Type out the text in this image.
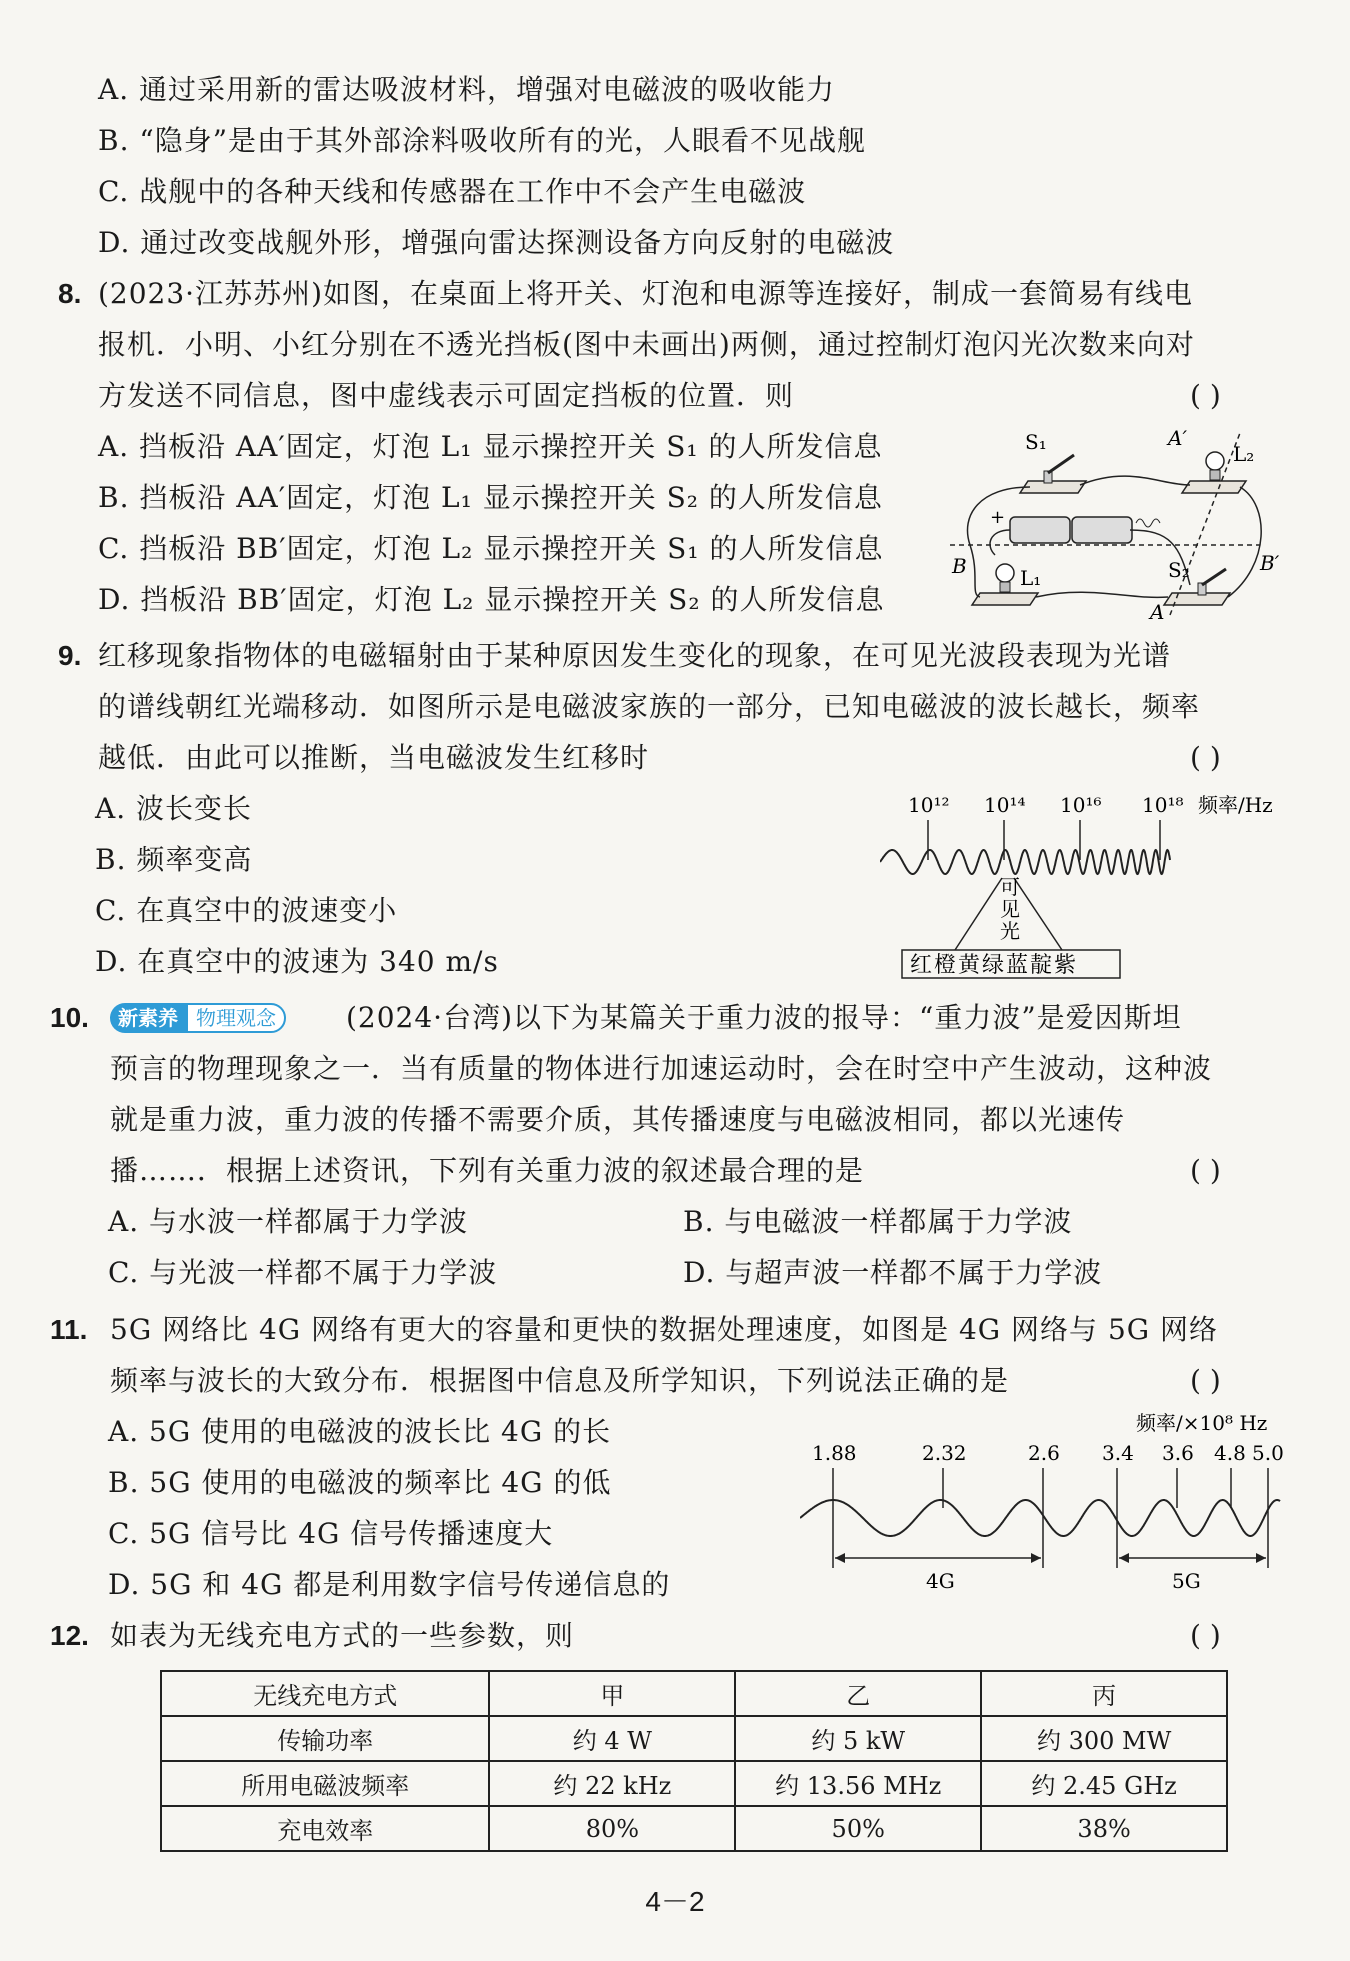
A. 通过采用新的雷达吸波材料，增强对电磁波的吸收能力
B. “隐身”是由于其外部涂料吸收所有的光，人眼看不见战舰
C. 战舰中的各种天线和传感器在工作中不会产生电磁波
D. 通过改变战舰外形，增强向雷达探测设备方向反射的电磁波
8. (2023·江苏苏州)如图，在桌面上将开关、灯泡和电源等连接好，制成一套简易有线电
报机．小明、小红分别在不透光挡板(图中未画出)两侧，通过控制灯泡闪光次数来向对
方发送不同信息，图中虚线表示可固定挡板的位置．则	( )
A. 挡板沿 AA′固定，灯泡 L₁ 显示操控开关 S₁ 的人所发信息
B. 挡板沿 AA′固定，灯泡 L₁ 显示操控开关 S₂ 的人所发信息
C. 挡板沿 BB′固定，灯泡 L₂ 显示操控开关 S₁ 的人所发信息
D. 挡板沿 BB′固定，灯泡 L₂ 显示操控开关 S₂ 的人所发信息
S₁	A′
L₂
+
B	L₁	S₂	B′
A
9. 红移现象指物体的电磁辐射由于某种原因发生变化的现象，在可见光波段表现为光谱
的谱线朝红光端移动．如图所示是电磁波家族的一部分，已知电磁波的波长越长，频率
越低．由此可以推断，当电磁波发生红移时	( )
A. 波长变长
B. 频率变高
C. 在真空中的波速变小
D. 在真空中的波速为 340 m/s
10¹² 10¹⁴ 10¹⁶ 10¹⁸ 频率/Hz
可
见
光
红橙黄绿蓝靛紫
10.	新素养 物理观念	(2024·台湾)以下为某篇关于重力波的报导：“重力波”是爱因斯坦
预言的物理现象之一．当有质量的物体进行加速运动时，会在时空中产生波动，这种波
就是重力波，重力波的传播不需要介质，其传播速度与电磁波相同，都以光速传
播……．根据上述资讯，下列有关重力波的叙述最合理的是	( )
A. 与水波一样都属于力学波	B. 与电磁波一样都属于力学波
C. 与光波一样都不属于力学波	D. 与超声波一样都不属于力学波
11. 5G 网络比 4G 网络有更大的容量和更快的数据处理速度，如图是 4G 网络与 5G 网络
频率与波长的大致分布．根据图中信息及所学知识，下列说法正确的是	( )
A. 5G 使用的电磁波的波长比 4G 的长
B. 5G 使用的电磁波的频率比 4G 的低
C. 5G 信号比 4G 信号传播速度大
D. 5G 和 4G 都是利用数字信号传递信息的
频率/×10⁸ Hz
1.88	2.32	2.6 3.4 3.6 4.8 5.0
4G	5G
12. 如表为无线充电方式的一些参数，则	( )
无线充电方式	甲	乙	丙
传输功率	约 4 W	约 5 kW	约 300 MW
所用电磁波频率	约 22 kHz	约 13.56 MHz	约 2.45 GHz
充电效率	80%	50%	38%
4－2
